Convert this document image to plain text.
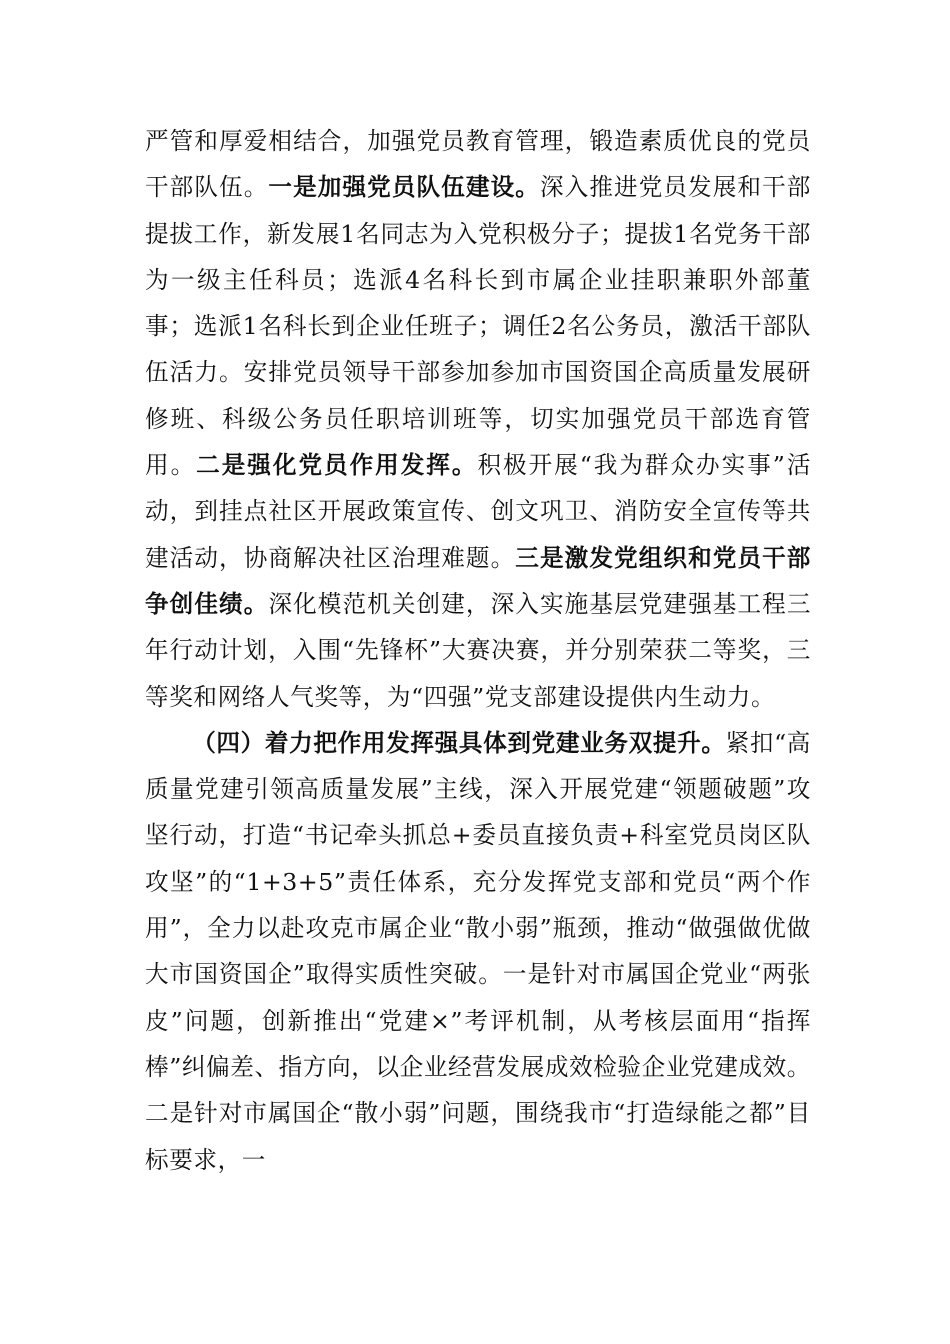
严管和厚爱相结合，加强党员教育管理，锻造素质优良的党员干部队伍。一是加强党员队伍建设。深入推进党员发展和干部提拔工作，新发展1名同志为入党积极分子；提拔1名党务干部为一级主任科员；选派4名科长到市属企业挂职兼职外部董事；选派1名科长到企业任班子；调任2名公务员，激活干部队伍活力。安排党员领导干部参加参加市国资国企高质量发展研修班、科级公务员任职培训班等，切实加强党员干部选育管用。二是强化党员作用发挥。积极开展“我为群众办实事”活动，到挂点社区开展政策宣传、创文巩卫、消防安全宣传等共建活动，协商解决社区治理难题。三是激发党组织和党员干部争创佳绩。深化模范机关创建，深入实施基层党建强基工程三年行动计划，入围“先锋杯”大赛决赛，并分别荣获二等奖，三等奖和网络人气奖等，为“四强”党支部建设提供内生动力。

（四）着力把作用发挥强具体到党建业务双提升。紧扣“高质量党建引领高质量发展”主线，深入开展党建“领题破题”攻坚行动，打造“书记牵头抓总+委员直接负责+科室党员岗区队攻坚”的“1+3+5”责任体系，充分发挥党支部和党员“两个作用”，全力以赴攻克市属企业“散小弱”瓶颈，推动“做强做优做大市国资国企”取得实质性突破。一是针对市属国企党业“两张皮”问题，创新推出“党建×”考评机制，从考核层面用“指挥棒”纠偏差、指方向，以企业经营发展成效检验企业党建成效。二是针对市属国企“散小弱”问题，围绕我市“打造绿能之都”目标要求，一
